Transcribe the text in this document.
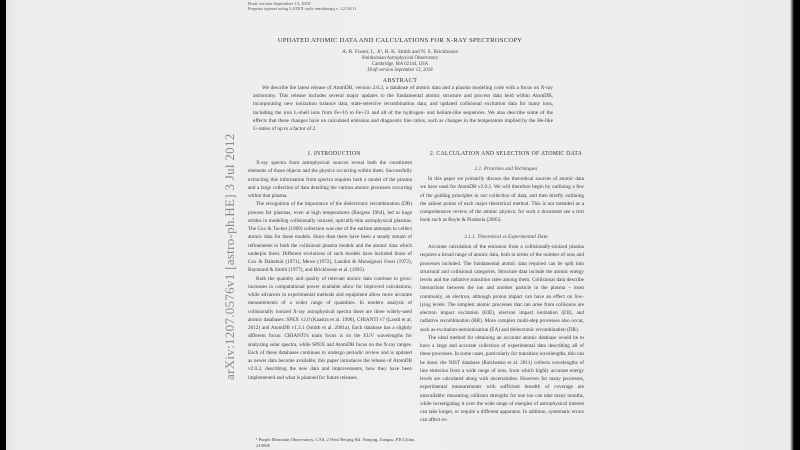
Draft version September 13, 2018
Preprint typeset using LATEX style emulateapj v. 12/16/11
UPDATED ATOMIC DATA AND CALCULATIONS FOR X-RAY SPECTROSCOPY
A. R. Foster, L. Ji¹, R. K. Smith and N. S. Brickhouse
Smithsonian Astrophysical Observatory
Cambridge, MA 02144, USA
Draft version September 13, 2018
ABSTRACT

We describe the latest release of AtomDB, version 2.0.2, a database of atomic data and a plasma modeling code with a focus on X-ray astronomy. This release includes several major updates to the fundamental atomic structure and process data held within AtomDB, incorporating new ionization balance data, state-selective recombination data, and updated collisional excitation data for many ions, including the iron L-shell ions from Fe+16 to Fe+23 and all of the hydrogen- and helium-like sequences. We also describe some of the effects that these changes have on calculated emission and diagnostic line ratios, such as changes in the temperature implied by the He-like G-ratios of up to a factor of 2.

1. INTRODUCTION	2. CALCULATION AND SELECTION OF ATOMIC DATA

X-ray spectra from astrophysical sources reveal both the constituent elements of those objects and the physics occurring within them. Successfully extracting this information from spectra requires both a model of the plasma and a large collection of data detailing the various atomic processes occurring within that plasma.

The recognition of the importance of the dielectronic recombination (DR) process for plasmas, even at high temperatures (Burgess 1964), led to huge strides in modeling collisionally ionized, optically-thin astrophysical plasmas. The Cox & Tucker (1969) collection was one of the earliest attempts to collect atomic data for these models. Since then there have been a steady stream of refinements to both the collisional plasma models and the atomic data which underpin them. Different evolutions of such models have included those of Cox & Daltabuit (1971), Mewe (1972), Landini & Monsignori Fossi (1972), Raymond & Smith (1977), and Brickhouse et al. (1995).

Both the quantity and quality of relevant atomic data continue to grow: increases in computational power available allow for improved calculations, while advances in experimental methods and equipment allow more accurate measurements of a wider range of quantities. In modern analysis of collisionally ionized X-ray astrophysical spectra there are three widely-used atomic databases: SPEX v2.0 (Kaastra et al. 1996), CHIANTI v7 (Landi et al. 2012) and AtomDB v1.3.1 (Smith et al. 2001a). Each database has a slightly different focus: CHIANTI's main focus is on the EUV wavelengths for analyzing solar spectra, while SPEX and AtomDB focus on the X-ray ranges. Each of these databases continues to undergo periodic review and is updated as newer data become available; this paper introduces the release of AtomDB v2.0.2, describing the new data and improvements, how they have been implemented and what is planned for future releases.

2.1. Priorities and Techniques

In this paper we primarily discuss the theoretical sources of atomic data we have used for AtomDB v2.0.2. We will therefore begin by outlining a few of the guiding principles in our collection of data, and then briefly outlining the salient points of each major theoretical method. This is not intended as a comprehensive review of the atomic physics; for such a document see a text book such as Boyle & Pindzola (2005).

2.1.1. Theoretical vs Experimental Data

Accurate calculation of the emission from a collisionally-ionized plasma requires a broad range of atomic data, both in terms of the number of ions and processes included. The fundamental atomic data required can be split into structural and collisional categories. Structure data include the atomic energy levels and the radiative transition rates among them. Collisional data describe interactions between the ion and another particle in the plasma – most commonly, an electron, although proton impact can have an effect on low-lying levels. The simplest atomic processes that can arise from collisions are electron impact excitation (EIE), electron impact ionization (EII), and radiative recombination (RR). More complex multi-step processes also occur, such as excitation-autoionization (EA) and dielectronic recombination (DR).

The ideal method for obtaining an accurate atomic database would be to have a large and accurate collection of experimental data describing all of these processes. In some cases, particularly for transition wavelengths, this can be done: the NIST database (Ralchenko et al. 2011) collects wavelengths of line emission from a wide range of ions, from which highly accurate energy levels are calculated along with uncertainties. However for many processes, experimental measurements with sufficient breadth of coverage are unavailable: measuring collision strengths for one ion can take many months, while investigating it over the wide range of energies of astrophysical interest can take longer, or require a different apparatus. In addition, systematic errors can affect ex-

¹ Purple Mountain Observatory, CAS, 2 West Beijing Rd. Nanjing, Jiangsu, P.R.China, 210008
arXiv:1207.0576v1 [astro-ph.HE] 3 Jul 2012
